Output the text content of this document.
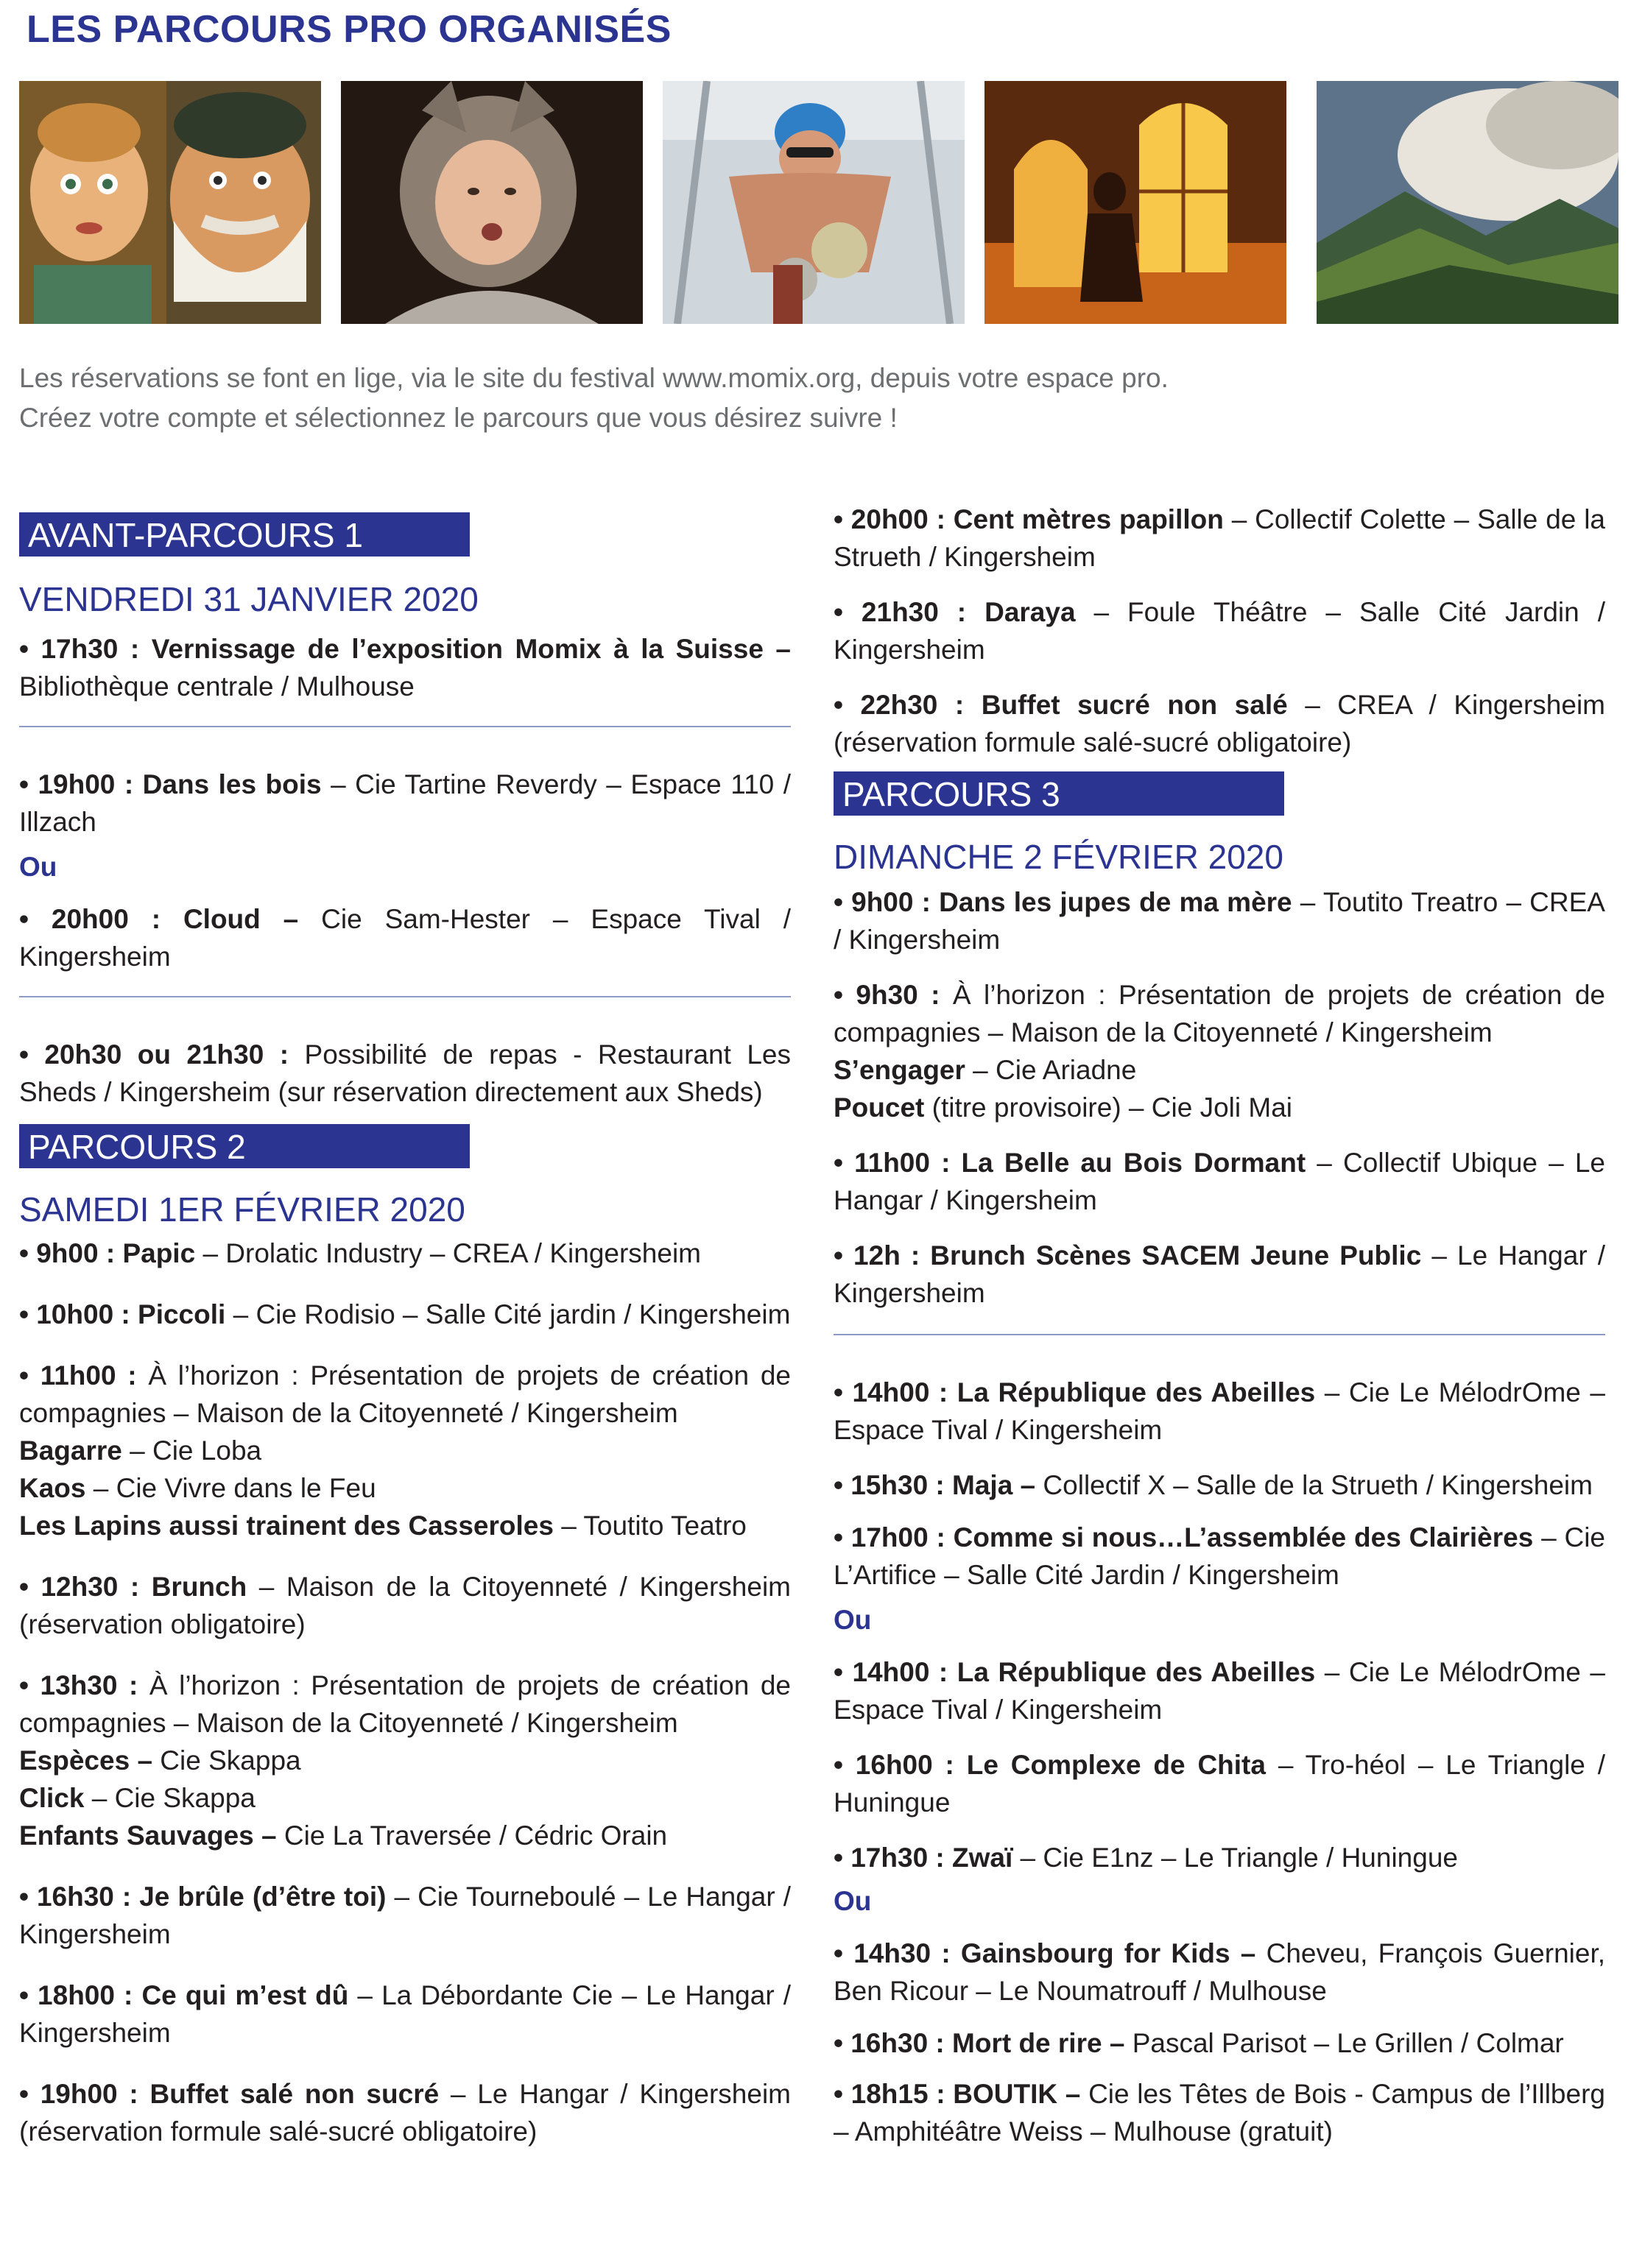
LES PARCOURS PRO ORGANISÉS
Les réservations se font en lige, via le site du festival www.momix.org, depuis votre espace pro.
Créez votre compte et sélectionnez le parcours que vous désirez suivre !
AVANT-PARCOURS 1
VENDREDI 31 JANVIER 2020

• 17h30 : Vernissage de l’exposition Momix à la Suisse – Bibliothèque centrale / Mulhouse

• 19h00 : Dans les bois – Cie Tartine Reverdy – Espace 110 / Illzach

Ou

• 20h00 : Cloud – Cie Sam-Hester – Espace Tival / Kingersheim

• 20h30 ou 21h30 : Possibilité de repas - Restaurant Les Sheds / Kingersheim (sur réservation directement aux Sheds)

PARCOURS 2
SAMEDI 1ER FÉVRIER 2020

• 9h00 : Papic – Drolatic Industry – CREA / Kingersheim

• 10h00 : Piccoli – Cie Rodisio – Salle Cité jardin / Kingersheim

• 11h00 : À l’horizon : Présentation de projets de création de compagnies – Maison de la Citoyenneté / Kingersheim

Bagarre – Cie Loba

Kaos – Cie Vivre dans le Feu

Les Lapins aussi trainent des Casseroles – Toutito Teatro

• 12h30 : Brunch – Maison de la Citoyenneté / Kingersheim (réservation obligatoire)

• 13h30 : À l’horizon : Présentation de projets de création de compagnies – Maison de la Citoyenneté / Kingersheim

Espèces – Cie Skappa

Click – Cie Skappa

Enfants Sauvages – Cie La Traversée / Cédric Orain

• 16h30 : Je brûle (d’être toi) – Cie Tourneboulé – Le Hangar / Kingersheim

• 18h00 : Ce qui m’est dû – La Débordante Cie – Le Hangar / Kingersheim

• 19h00 : Buffet salé non sucré – Le Hangar / Kingersheim (réservation formule salé-sucré obligatoire)

• 20h00 : Cent mètres papillon – Collectif Colette – Salle de la Strueth / Kingersheim

• 21h30 : Daraya – Foule Théâtre – Salle Cité Jardin / Kingersheim

• 22h30 : Buffet sucré non salé – CREA / Kingersheim (réservation formule salé-sucré obligatoire)

PARCOURS 3
DIMANCHE 2 FÉVRIER 2020

• 9h00 : Dans les jupes de ma mère – Toutito Treatro – CREA / Kingersheim

• 9h30 : À l’horizon : Présentation de projets de création de compagnies – Maison de la Citoyenneté / Kingersheim

S’engager – Cie Ariadne

Poucet (titre provisoire) – Cie Joli Mai

• 11h00 : La Belle au Bois Dormant – Collectif Ubique – Le Hangar / Kingersheim

• 12h : Brunch Scènes SACEM Jeune Public – Le Hangar / Kingersheim

• 14h00 : La République des Abeilles – Cie Le MélodrOme – Espace Tival / Kingersheim

• 15h30 : Maja – Collectif X – Salle de la Strueth / Kingersheim

• 17h00 : Comme si nous…L’assemblée des Clairières – Cie L’Artifice – Salle Cité Jardin / Kingersheim

Ou

• 14h00 : La République des Abeilles – Cie Le MélodrOme – Espace Tival / Kingersheim

• 16h00 : Le Complexe de Chita – Tro-héol – Le Triangle / Huningue

• 17h30 : Zwaï – Cie E1nz – Le Triangle / Huningue

Ou

• 14h30 : Gainsbourg for Kids – Cheveu, François Guernier, Ben Ricour – Le Noumatrouff / Mulhouse

• 16h30 : Mort de rire – Pascal Parisot – Le Grillen / Colmar

• 18h15 : BOUTIK – Cie les Têtes de Bois - Campus de l’Illberg – Amphitéâtre Weiss – Mulhouse (gratuit)
